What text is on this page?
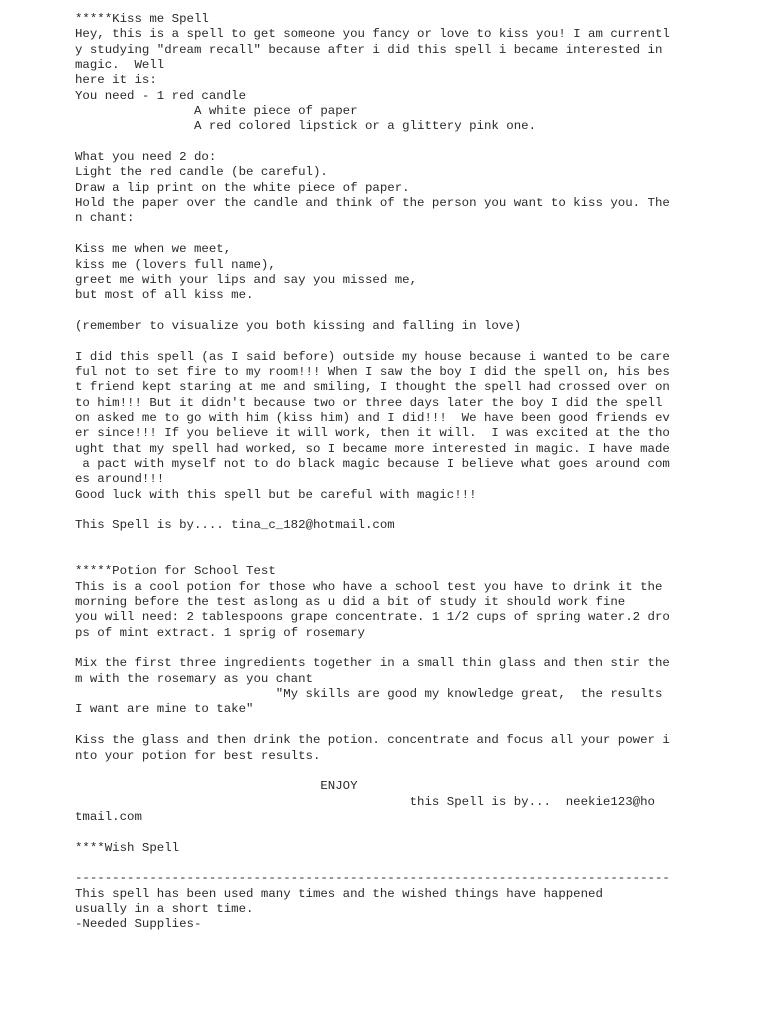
*****Kiss me Spell
Hey, this is a spell to get someone you fancy or love to kiss you! I am currentl
y studying "dream recall" because after i did this spell i became interested in
magic.  Well
here it is:
You need - 1 red candle
A white piece of paper
A red colored lipstick or a glittery pink one.
What you need 2 do:
Light the red candle (be careful).
Draw a lip print on the white piece of paper.
Hold the paper over the candle and think of the person you want to kiss you. The
n chant:
Kiss me when we meet,
kiss me (lovers full name),
greet me with your lips and say you missed me,
but most of all kiss me.
(remember to visualize you both kissing and falling in love)
I did this spell (as I said before) outside my house because i wanted to be care
ful not to set fire to my room!!! When I saw the boy I did the spell on, his bes
t friend kept staring at me and smiling, I thought the spell had crossed over on
to him!!! But it didn't because two or three days later the boy I did the spell
on asked me to go with him (kiss him) and I did!!!  We have been good friends ev
er since!!! If you believe it will work, then it will.  I was excited at the tho
ught that my spell had worked, so I became more interested in magic. I have made
a pact with myself not to do black magic because I believe what goes around com
es around!!!
Good luck with this spell but be careful with magic!!!
This Spell is by.... tina_c_182@hotmail.com
*****Potion for School Test
This is a cool potion for those who have a school test you have to drink it the
morning before the test aslong as u did a bit of study it should work fine
you will need: 2 tablespoons grape concentrate. 1 1/2 cups of spring water.2 dro
ps of mint extract. 1 sprig of rosemary
Mix the first three ingredients together in a small thin glass and then stir the
m with the rosemary as you chant
"My skills are good my knowledge great,  the results
I want are mine to take"
Kiss the glass and then drink the potion. concentrate and focus all your power i
nto your potion for best results.
ENJOY
this Spell is by...  neekie123@ho
tmail.com
****Wish Spell
--------------------------------------------------------------------------------
This spell has been used many times and the wished things have happened
usually in a short time.
-Needed Supplies-
